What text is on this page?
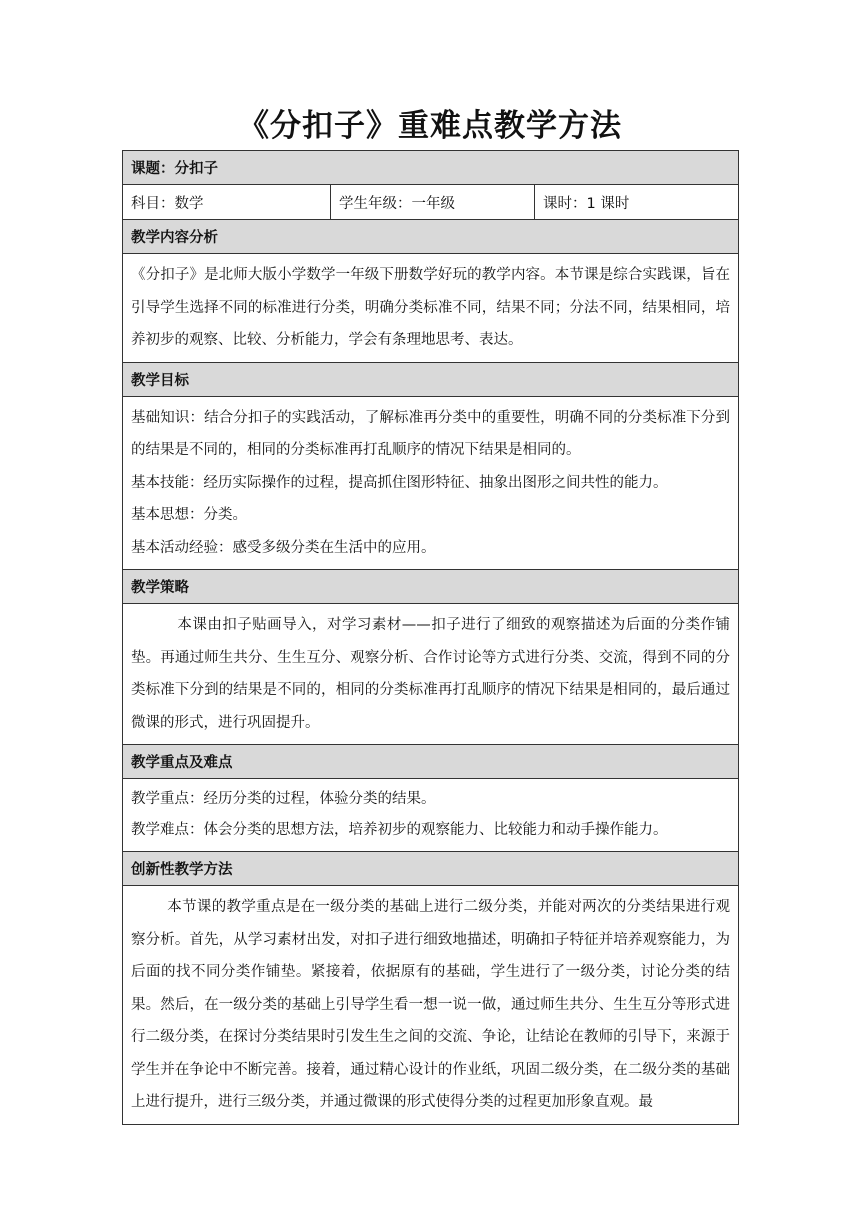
《分扣子》重难点教学方法
课题：分扣子
科目：数学	学生年级：一年级	课时：1 课时
教学内容分析

《分扣子》是北师大版小学数学一年级下册数学好玩的教学内容。本节课是综合实践课，旨在引导学生选择不同的标准进行分类，明确分类标准不同，结果不同；分法不同，结果相同，培养初步的观察、比较、分析能力，学会有条理地思考、表达。

教学目标

基础知识：结合分扣子的实践活动，了解标准再分类中的重要性，明确不同的分类标准下分到的结果是不同的，相同的分类标准再打乱顺序的情况下结果是相同的。

基本技能：经历实际操作的过程，提高抓住图形特征、抽象出图形之间共性的能力。

基本思想：分类。

基本活动经验：感受多级分类在生活中的应用。

教学策略

本课由扣子贴画导入，对学习素材——扣子进行了细致的观察描述为后面的分类作铺垫。再通过师生共分、生生互分、观察分析、合作讨论等方式进行分类、交流，得到不同的分类标准下分到的结果是不同的，相同的分类标准再打乱顺序的情况下结果是相同的，最后通过微课的形式，进行巩固提升。

教学重点及难点

教学重点：经历分类的过程，体验分类的结果。

教学难点：体会分类的思想方法，培养初步的观察能力、比较能力和动手操作能力。

创新性教学方法

本节课的教学重点是在一级分类的基础上进行二级分类，并能对两次的分类结果进行观察分析。首先，从学习素材出发，对扣子进行细致地描述，明确扣子特征并培养观察能力，为后面的找不同分类作铺垫。紧接着，依据原有的基础，学生进行了一级分类，讨论分类的结果。然后，在一级分类的基础上引导学生看一想一说一做，通过师生共分、生生互分等形式进行二级分类，在探讨分类结果时引发生生之间的交流、争论，让结论在教师的引导下，来源于学生并在争论中不断完善。接着，通过精心设计的作业纸，巩固二级分类，在二级分类的基础上进行提升，进行三级分类，并通过微课的形式使得分类的过程更加形象直观。最
